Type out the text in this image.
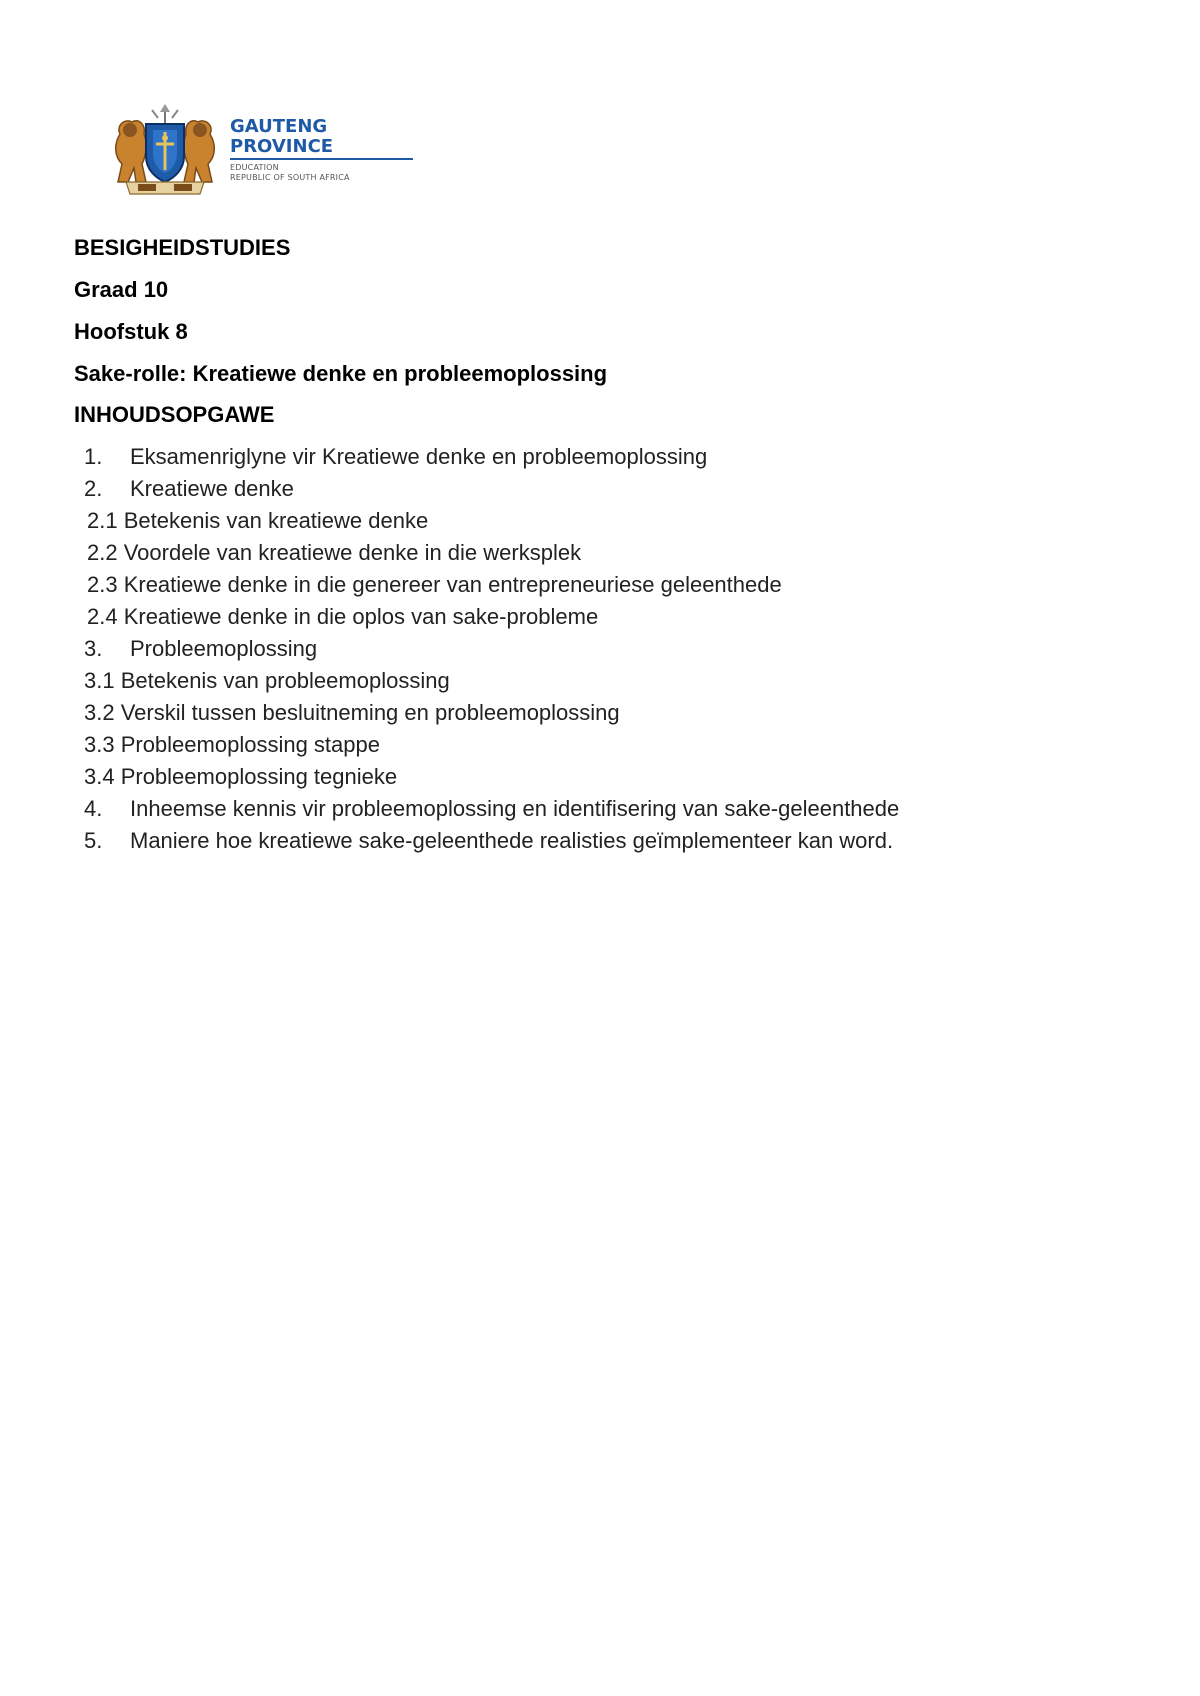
GAUTENG PROVINCE
EDUCATION
REPUBLIC OF SOUTH AFRICA
BESIGHEIDSTUDIES
Graad 10
Hoofstuk 8
Sake-rolle: Kreatiewe denke en probleemoplossing
INHOUDSOPGAWE
1. Eksamenriglyne vir Kreatiewe denke en probleemoplossing
2. Kreatiewe denke
2.1 Betekenis van kreatiewe denke
2.2 Voordele van kreatiewe denke in die werksplek
2.3 Kreatiewe denke in die genereer van entrepreneuriese geleenthede
2.4 Kreatiewe denke in die oplos van sake-probleme
3. Probleemoplossing
3.1 Betekenis van probleemoplossing
3.2 Verskil tussen besluitneming en probleemoplossing
3.3 Probleemoplossing stappe
3.4 Probleemoplossing tegnieke
4. Inheemse kennis vir probleemoplossing en identifisering van sake-geleenthede
5. Maniere hoe kreatiewe sake-geleenthede realisties geïmplementeer kan word.
